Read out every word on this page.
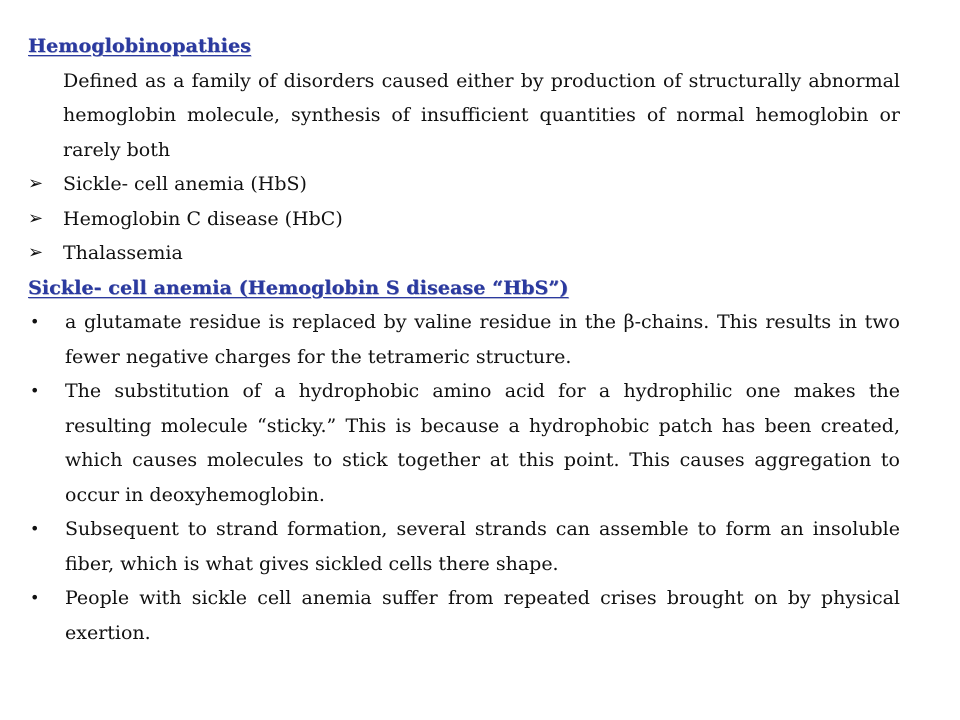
Hemoglobinopathies

Defined as a family of disorders caused either by production of structurally abnormal hemoglobin molecule, synthesis of insufficient quantities of normal hemoglobin or rarely both

➢	Sickle- cell anemia (HbS)
➢	Hemoglobin C disease (HbC)
➢	Thalassemia
Sickle- cell anemia (Hemoglobin S disease “HbS”)
•	a glutamate residue is replaced by valine residue in the β-chains. This results in two fewer negative charges for the tetrameric structure.
•	The substitution of a hydrophobic amino acid for a hydrophilic one makes the resulting molecule “sticky.” This is because a hydrophobic patch has been created, which causes molecules to stick together at this point. This causes aggregation to occur in deoxyhemoglobin.
•	Subsequent to strand formation, several strands can assemble to form an insoluble fiber, which is what gives sickled cells there shape.
•	People with sickle cell anemia suffer from repeated crises brought on by physical exertion.
